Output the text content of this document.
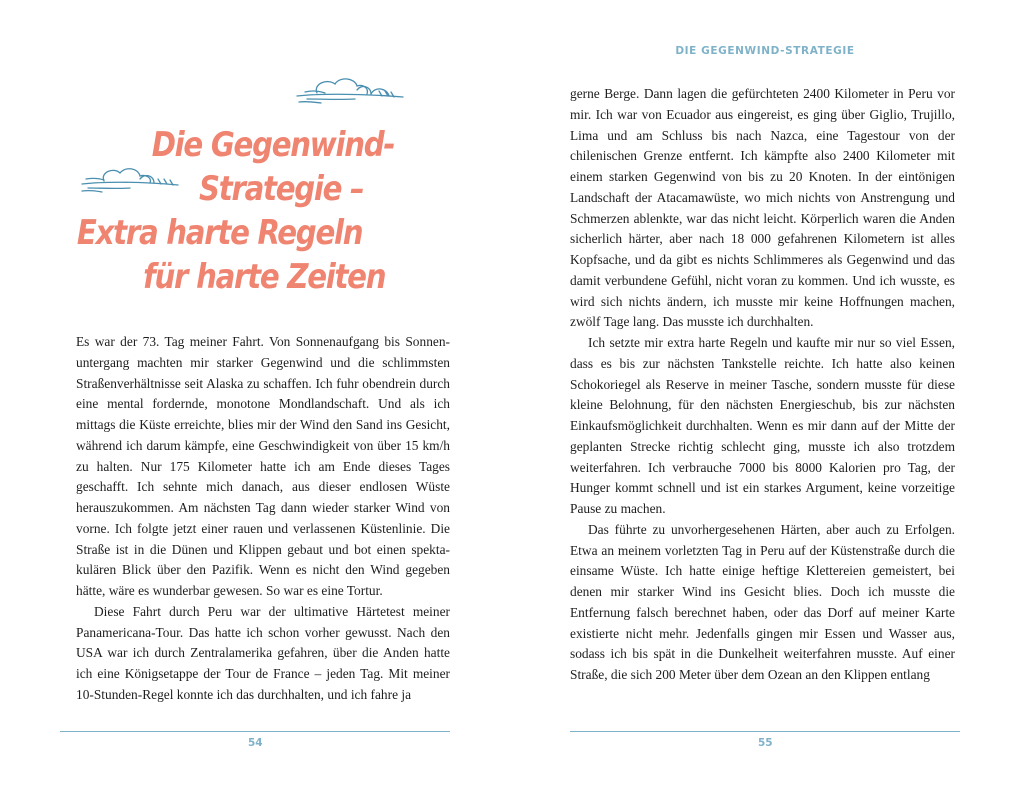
Die Gegenwind-
Strategie –
Extra harte Regeln
für harte Zeiten

Es war der 73. Tag meiner Fahrt. Von Sonnenaufgang bis Sonnenuntergang machten mir starker Gegenwind und die schlimmsten Straßenverhältnisse seit Alaska zu schaffen. Ich fuhr obendrein durch eine mental fordernde, monotone Mondlandschaft. Und als ich mittags die Küste erreichte, blies mir der Wind den Sand ins Gesicht, während ich darum kämpfe, eine Geschwindigkeit von über 15 km/h zu halten. Nur 175 Kilometer hatte ich am Ende dieses Tages geschafft. Ich sehnte mich danach, aus dieser endlosen Wüste herauszukommen. Am nächsten Tag dann wieder starker Wind von vorne. Ich folgte jetzt einer rauen und verlassenen Küstenlinie. Die Straße ist in die Dünen und Klippen gebaut und bot einen spektakulären Blick über den Pazifik. Wenn es nicht den Wind gegeben hätte, wäre es wunderbar gewesen. So war es eine Tortur.

Diese Fahrt durch Peru war der ultimative Härtetest meiner Panamericana-Tour. Das hatte ich schon vorher gewusst. Nach den USA war ich durch Zentralamerika gefahren, über die Anden hatte ich eine Königsetappe der Tour de France – jeden Tag. Mit meiner 10-Stunden-Regel konnte ich das durchhalten, und ich fahre ja

54
DIE GEGENWIND-STRATEGIE

gerne Berge. Dann lagen die gefürchteten 2400 Kilometer in Peru vor mir. Ich war von Ecuador aus eingereist, es ging über Giglio, Trujillo, Lima und am Schluss bis nach Nazca, eine Tagestour von der chilenischen Grenze entfernt. Ich kämpfte also 2400 Kilometer mit einem starken Gegenwind von bis zu 20 Knoten. In der eintönigen Landschaft der Atacamawüste, wo mich nichts von Anstrengung und Schmerzen ablenkte, war das nicht leicht. Körperlich waren die Anden sicherlich härter, aber nach 18 000 gefahrenen Kilometern ist alles Kopfsache, und da gibt es nichts Schlimmeres als Gegenwind und das damit verbundene Gefühl, nicht voran zu kommen. Und ich wusste, es wird sich nichts ändern, ich musste mir keine Hoffnungen machen, zwölf Tage lang. Das musste ich durchhalten.

Ich setzte mir extra harte Regeln und kaufte mir nur so viel Essen, dass es bis zur nächsten Tankstelle reichte. Ich hatte also keinen Schokoriegel als Reserve in meiner Tasche, sondern musste für diese kleine Belohnung, für den nächsten Energieschub, bis zur nächsten Einkaufsmöglichkeit durchhalten. Wenn es mir dann auf der Mitte der geplanten Strecke richtig schlecht ging, musste ich also trotzdem weiterfahren. Ich verbrauche 7000 bis 8000 Kalorien pro Tag, der Hunger kommt schnell und ist ein starkes Argument, keine vorzeitige Pause zu machen.

Das führte zu unvorhergesehenen Härten, aber auch zu Erfolgen. Etwa an meinem vorletzten Tag in Peru auf der Küstenstraße durch die einsame Wüste. Ich hatte einige heftige Klettereien gemeistert, bei denen mir starker Wind ins Gesicht blies. Doch ich musste die Entfernung falsch berechnet haben, oder das Dorf auf meiner Karte existierte nicht mehr. Jedenfalls gingen mir Essen und Wasser aus, sodass ich bis spät in die Dunkelheit weiterfahren musste. Auf einer Straße, die sich 200 Meter über dem Ozean an den Klippen entlang

55
